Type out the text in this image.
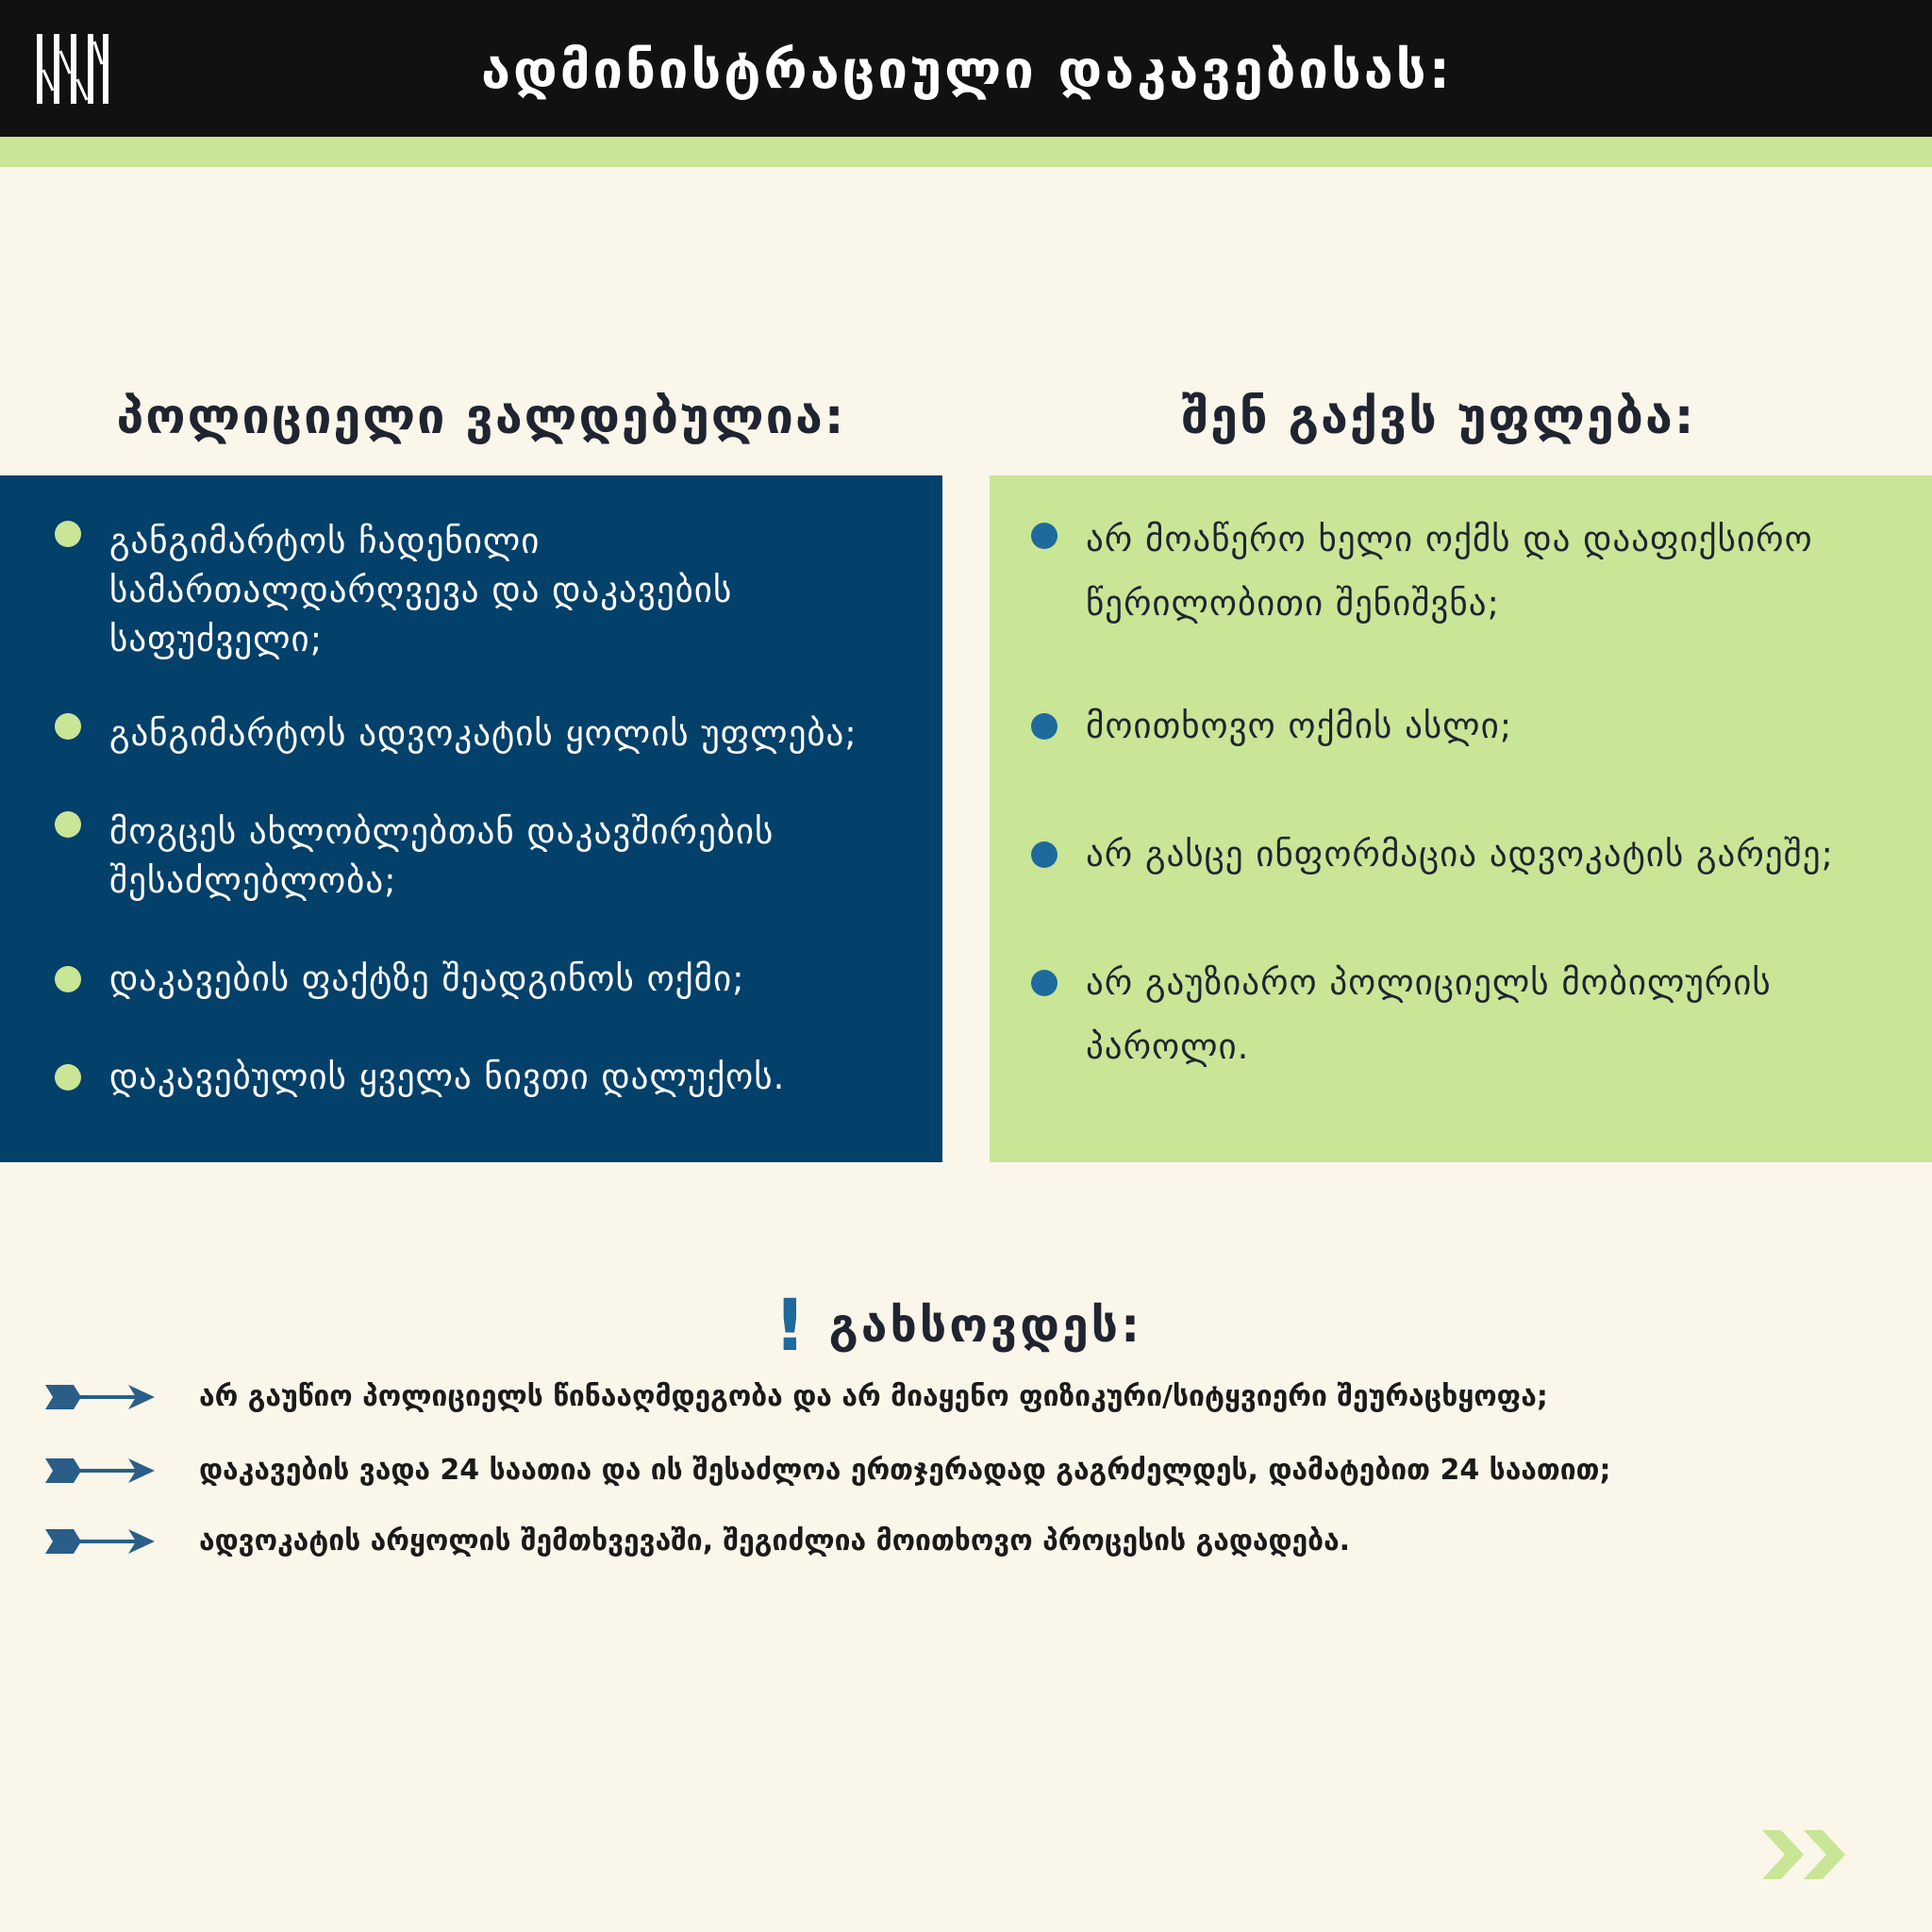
ადმინისტრაციული დაკავებისას:
პოლიციელი ვალდებულია:	შენ გაქვს უფლება:
განგიმარტოს ჩადენილი სამართალდარღვევა და დაკავების საფუძველი;
განგიმარტოს ადვოკატის ყოლის უფლება;
მოგცეს ახლობლებთან დაკავშირების შესაძლებლობა;
დაკავების ფაქტზე შეადგინოს ოქმი;
დაკავებულის ყველა ნივთი დალუქოს.
არ მოაწერო ხელი ოქმს და დააფიქსირო წერილობითი შენიშვნა;
მოითხოვო ოქმის ასლი;
არ გასცე ინფორმაცია ადვოკატის გარეშე;
არ გაუზიარო პოლიციელს მობილურის პაროლი.
! გახსოვდეს:
არ გაუწიო პოლიციელს წინააღმდეგობა და არ მიაყენო ფიზიკური/სიტყვიერი შეურაცხყოფა;
დაკავების ვადა 24 საათია და ის შესაძლოა ერთჯერადად გაგრძელდეს, დამატებით 24 საათით;
ადვოკატის არყოლის შემთხვევაში, შეგიძლია მოითხოვო პროცესის გადადება.
